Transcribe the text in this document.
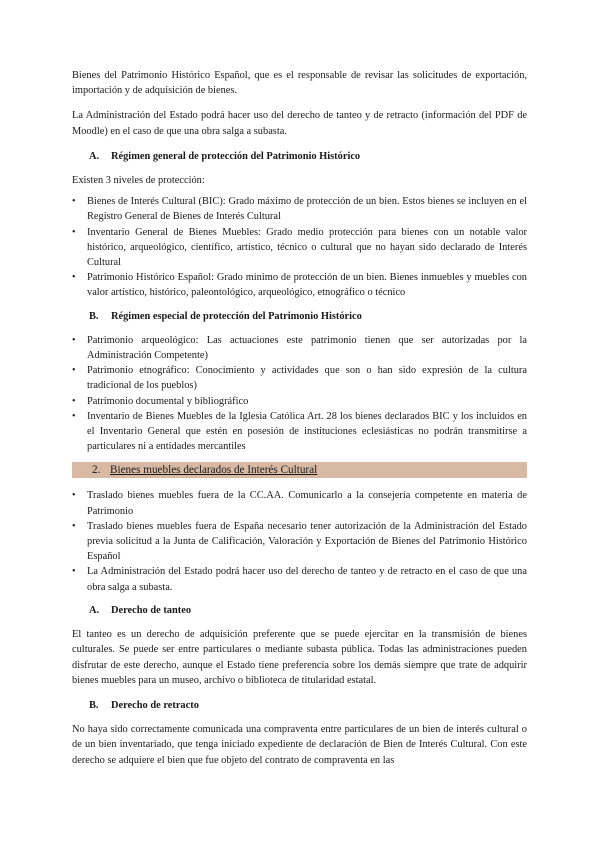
Bienes del Patrimonio Histórico Español, que es el responsable de revisar las solicitudes de exportación, importación y de adquisición de bienes.

La Administración del Estado podrá hacer uso del derecho de tanteo y de retracto (información del PDF de Moodle) en el caso de que una obra salga a subasta.

A.	Régimen general de protección del Patrimonio Histórico

Existen 3 niveles de protección:

• Bienes de Interés Cultural (BIC): Grado máximo de protección de un bien. Estos bienes se incluyen en el Registro General de Bienes de Interés Cultural
• Inventario General de Bienes Muebles: Grado medio protección para bienes con un notable valor histórico, arqueológico, científico, artístico, técnico o cultural que no hayan sido declarado de Interés Cultural
• Patrimonio Histórico Español: Grado mínimo de protección de un bien. Bienes inmuebles y muebles con valor artístico, histórico, paleontológico, arqueológico, etnográfico o técnico
B.	Régimen especial de protección del Patrimonio Histórico
• Patrimonio arqueológico: Las actuaciones este patrimonio tienen que ser autorizadas por la Administración Competente)
• Patrimonio etnográfico: Conocimiento y actividades que son o han sido expresión de la cultura tradicional de los pueblos)
• Patrimonio documental y bibliográfico
• Inventario de Bienes Muebles de la Iglesia Católica Art. 28 los bienes declarados BIC y los incluidos en el Inventario General que estén en posesión de instituciones eclesiásticas no podrán transmitirse a particulares ni a entidades mercantiles
2. Bienes muebles declarados de Interés Cultural
• Traslado bienes muebles fuera de la CC.AA. Comunicarlo a la consejería competente en materia de Patrimonio
• Traslado bienes muebles fuera de España necesario tener autorización de la Administración del Estado previa solicitud a la Junta de Calificación, Valoración y Exportación de Bienes del Patrimonio Histórico Español
• La Administración del Estado podrá hacer uso del derecho de tanteo y de retracto en el caso de que una obra salga a subasta.
A.	Derecho de tanteo

El tanteo es un derecho de adquisición preferente que se puede ejercitar en la transmisión de bienes culturales. Se puede ser entre particulares o mediante subasta pública. Todas las administraciones pueden disfrutar de este derecho, aunque el Estado tiene preferencia sobre los demás siempre que trate de adquirir bienes muebles para un museo, archivo o biblioteca de titularidad estatal.

B.	Derecho de retracto

No haya sido correctamente comunicada una compraventa entre particulares de un bien de interés cultural o de un bien inventariado, que tenga iniciado expediente de declaración de Bien de Interés Cultural. Con este derecho se adquiere el bien que fue objeto del contrato de compraventa en las
